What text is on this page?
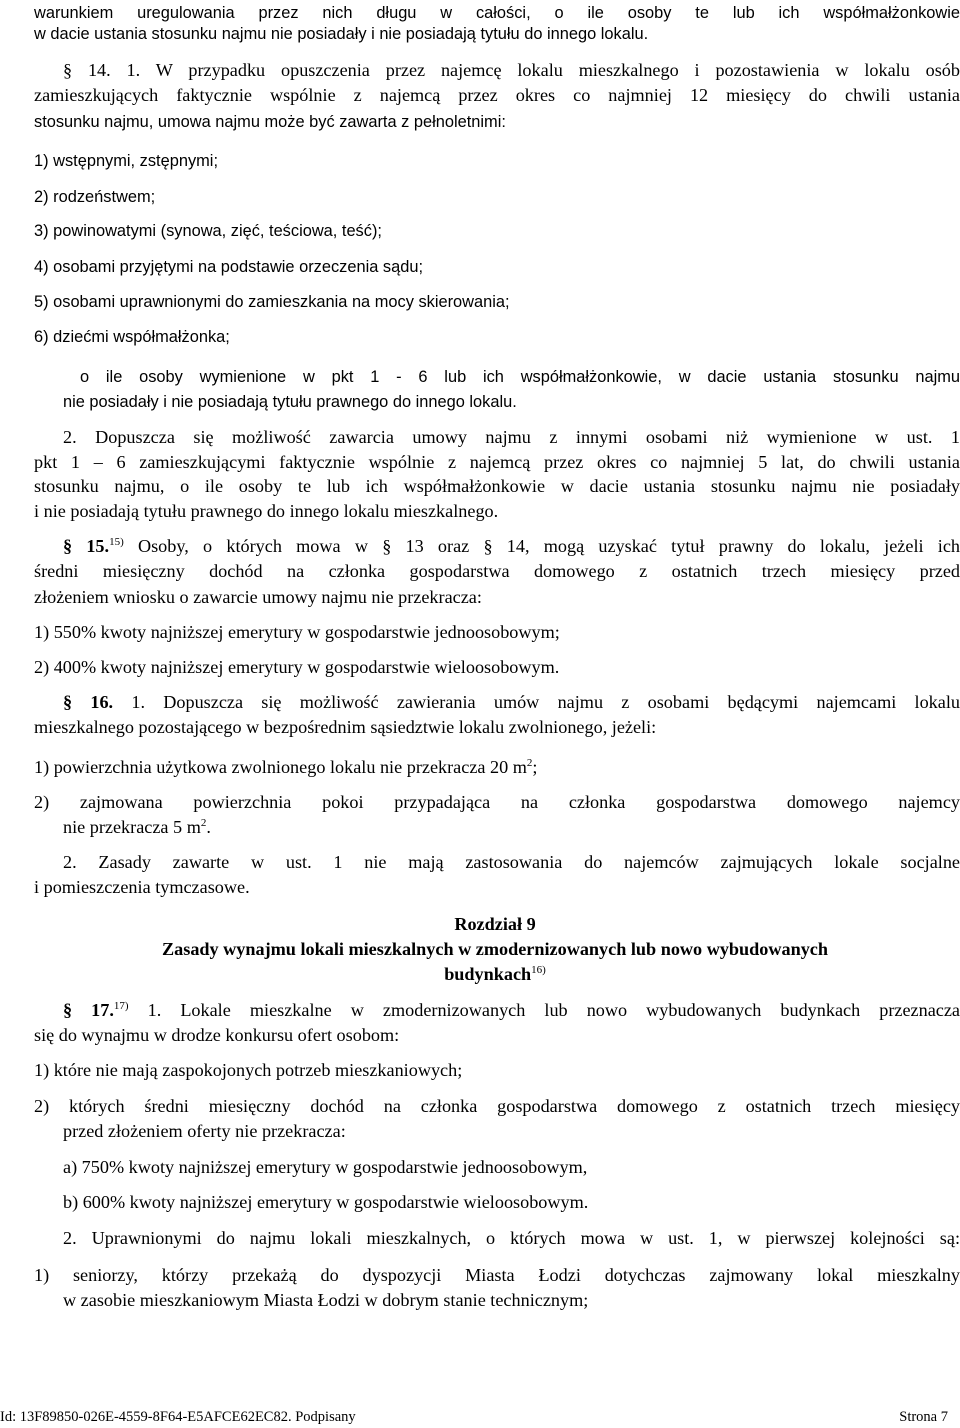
warunkiem uregulowania przez nich długu w całości, o ile osoby te lub ich współmałżonkowie
w dacie ustania stosunku najmu nie posiadały i nie posiadają tytułu do innego lokalu.
§ 14. 1. W przypadku opuszczenia przez najemcę lokalu mieszkalnego i pozostawienia w lokalu osób
zamieszkujących faktycznie wspólnie z najemcą przez okres co najmniej 12 miesięcy do chwili ustania
stosunku najmu, umowa najmu może być zawarta z pełnoletnimi:
1) wstępnymi, zstępnymi;
2) rodzeństwem;
3) powinowatymi (synowa, zięć, teściowa, teść);
4) osobami przyjętymi na podstawie orzeczenia sądu;
5) osobami uprawnionymi do zamieszkania na mocy skierowania;
6) dziećmi współmałżonka;
o ile osoby wymienione w pkt 1 - 6 lub ich współmałżonkowie, w dacie ustania stosunku najmu
nie posiadały i nie posiadają tytułu prawnego do innego lokalu.
2. Dopuszcza się możliwość zawarcia umowy najmu z innymi osobami niż wymienione w ust. 1
pkt 1 – 6 zamieszkującymi faktycznie wspólnie z najemcą przez okres co najmniej 5 lat, do chwili ustania
stosunku najmu, o ile osoby te lub ich współmałżonkowie w dacie ustania stosunku najmu nie posiadały
i nie posiadają tytułu prawnego do innego lokalu mieszkalnego.
§ 15.$^{15)}$ Osoby, o których mowa w § 13 oraz § 14, mogą uzyskać tytuł prawny do lokalu, jeżeli ich
średni miesięczny dochód na członka gospodarstwa domowego z ostatnich trzech miesięcy przed
złożeniem wniosku o zawarcie umowy najmu nie przekracza:
1) 550% kwoty najniższej emerytury w gospodarstwie jednoosobowym;
2) 400% kwoty najniższej emerytury w gospodarstwie wieloosobowym.
§ 16. 1. Dopuszcza się możliwość zawierania umów najmu z osobami będącymi najemcami lokalu
mieszkalnego pozostającego w bezpośrednim sąsiedztwie lokalu zwolnionego, jeżeli:
1) powierzchnia użytkowa zwolnionego lokalu nie przekracza 20 $m^2$;
2) zajmowana powierzchnia pokoi przypadająca na członka gospodarstwa domowego najemcy
nie przekracza 5 $m^2$.
2. Zasady zawarte w ust. 1 nie mają zastosowania do najemców zajmujących lokale socjalne
i pomieszczenia tymczasowe.
Rozdział 9
Zasady wynajmu lokali mieszkalnych w zmodernizowanych lub nowo wybudowanych
budynkach$^{16)}$
§ 17.$^{17)}$ 1. Lokale mieszkalne w zmodernizowanych lub nowo wybudowanych budynkach przeznacza
się do wynajmu w drodze konkursu ofert osobom:
1) które nie mają zaspokojonych potrzeb mieszkaniowych;
2) których średni miesięczny dochód na członka gospodarstwa domowego z ostatnich trzech miesięcy
przed złożeniem oferty nie przekracza:
a) 750% kwoty najniższej emerytury w gospodarstwie jednoosobowym,
b) 600% kwoty najniższej emerytury w gospodarstwie wieloosobowym.
2. Uprawnionymi do najmu lokali mieszkalnych, o których mowa w ust. 1, w pierwszej kolejności są:
1) seniorzy, którzy przekażą do dyspozycji Miasta Łodzi dotychczas zajmowany lokal mieszkalny
w zasobie mieszkaniowym Miasta Łodzi w dobrym stanie technicznym;
Id: 13F89850-026E-4559-8F64-E5AFCE62EC82. Podpisany	Strona 7
